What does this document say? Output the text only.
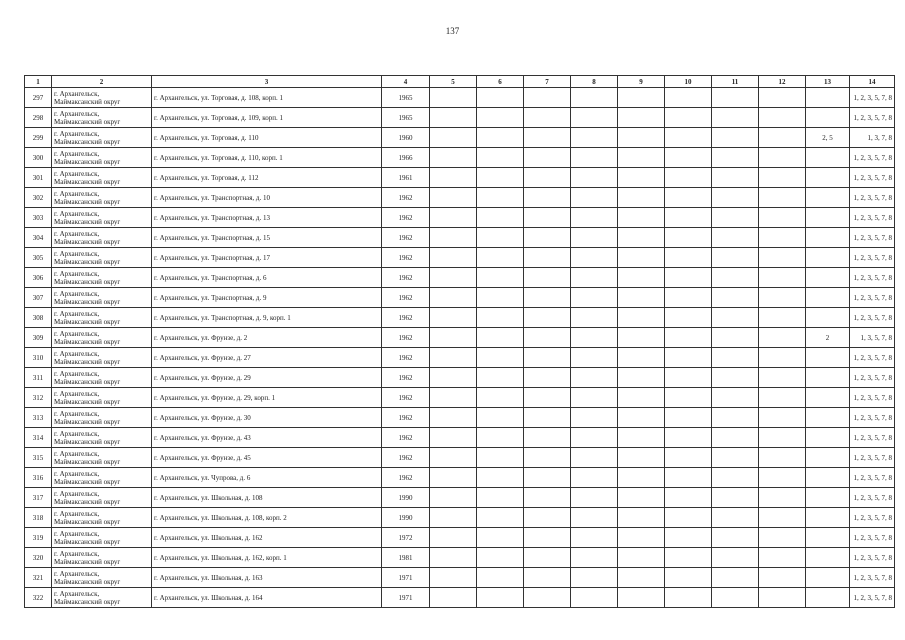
137
1	2	3	4	5	6	7	8	9	10	11	12	13	14
297	г. Архангельск,
Маймаксанский округ	г. Архангельск, ул. Торговая, д. 108, корп. 1	1965										1, 2, 3, 5, 7, 8
298	г. Архангельск,
Маймаксанский округ	г. Архангельск, ул. Торговая, д. 109, корп. 1	1965										1, 2, 3, 5, 7, 8
299	г. Архангельск,
Маймаксанский округ	г. Архангельск, ул. Торговая, д. 110	1960									2, 5	1, 3, 7, 8
300	г. Архангельск,
Маймаксанский округ	г. Архангельск, ул. Торговая, д. 110, корп. 1	1966										1, 2, 3, 5, 7, 8
301	г. Архангельск,
Маймаксанский округ	г. Архангельск, ул. Торговая, д. 112	1961										1, 2, 3, 5, 7, 8
302	г. Архангельск,
Маймаксанский округ	г. Архангельск, ул. Транспортная, д. 10	1962										1, 2, 3, 5, 7, 8
303	г. Архангельск,
Маймаксанский округ	г. Архангельск, ул. Транспортная, д. 13	1962										1, 2, 3, 5, 7, 8
304	г. Архангельск,
Маймаксанский округ	г. Архангельск, ул. Транспортная, д. 15	1962										1, 2, 3, 5, 7, 8
305	г. Архангельск,
Маймаксанский округ	г. Архангельск, ул. Транспортная, д. 17	1962										1, 2, 3, 5, 7, 8
306	г. Архангельск,
Маймаксанский округ	г. Архангельск, ул. Транспортная, д. 6	1962										1, 2, 3, 5, 7, 8
307	г. Архангельск,
Маймаксанский округ	г. Архангельск, ул. Транспортная, д. 9	1962										1, 2, 3, 5, 7, 8
308	г. Архангельск,
Маймаксанский округ	г. Архангельск, ул. Транспортная, д. 9, корп. 1	1962										1, 2, 3, 5, 7, 8
309	г. Архангельск,
Маймаксанский округ	г. Архангельск, ул. Фрунзе, д. 2	1962									2	1, 3, 5, 7, 8
310	г. Архангельск,
Маймаксанский округ	г. Архангельск, ул. Фрунзе, д. 27	1962										1, 2, 3, 5, 7, 8
311	г. Архангельск,
Маймаксанский округ	г. Архангельск, ул. Фрунзе, д. 29	1962										1, 2, 3, 5, 7, 8
312	г. Архангельск,
Маймаксанский округ	г. Архангельск, ул. Фрунзе, д. 29, корп. 1	1962										1, 2, 3, 5, 7, 8
313	г. Архангельск,
Маймаксанский округ	г. Архангельск, ул. Фрунзе, д. 30	1962										1, 2, 3, 5, 7, 8
314	г. Архангельск,
Маймаксанский округ	г. Архангельск, ул. Фрунзе, д. 43	1962										1, 2, 3, 5, 7, 8
315	г. Архангельск,
Маймаксанский округ	г. Архангельск, ул. Фрунзе, д. 45	1962										1, 2, 3, 5, 7, 8
316	г. Архангельск,
Маймаксанский округ	г. Архангельск, ул. Чупрова, д. 6	1962										1, 2, 3, 5, 7, 8
317	г. Архангельск,
Маймаксанский округ	г. Архангельск, ул. Школьная, д. 108	1990										1, 2, 3, 5, 7, 8
318	г. Архангельск,
Маймаксанский округ	г. Архангельск, ул. Школьная, д. 108, корп. 2	1990										1, 2, 3, 5, 7, 8
319	г. Архангельск,
Маймаксанский округ	г. Архангельск, ул. Школьная, д. 162	1972										1, 2, 3, 5, 7, 8
320	г. Архангельск,
Маймаксанский округ	г. Архангельск, ул. Школьная, д. 162, корп. 1	1981										1, 2, 3, 5, 7, 8
321	г. Архангельск,
Маймаксанский округ	г. Архангельск, ул. Школьная, д. 163	1971										1, 2, 3, 5, 7, 8
322	г. Архангельск,
Маймаксанский округ	г. Архангельск, ул. Школьная, д. 164	1971										1, 2, 3, 5, 7, 8
